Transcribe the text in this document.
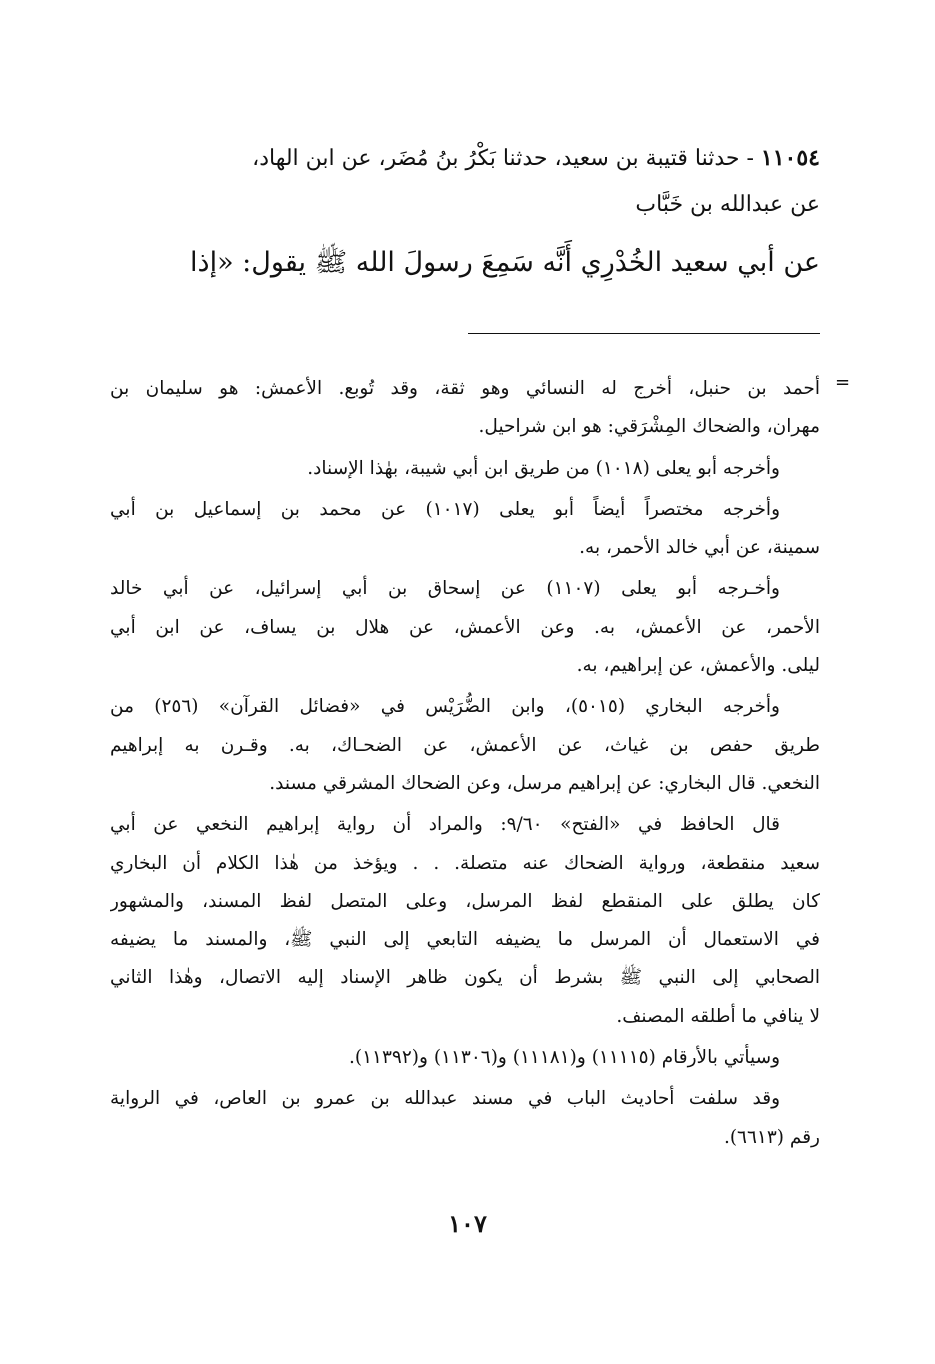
١١٠٥٤ - حدثنا قتيبة بن سعيد، حدثنا بَكْرُ بنُ مُضَر، عن ابن الهاد،
عن عبدالله بن خَبَّاب
عن أبي سعيد الخُدْرِي أَنَّه سَمِعَ رسولَ الله ﷺ يقول: «إذا
=
أحمد بن حنبل، أخرج له النسائي وهو ثقة، وقد تُوبع. الأعمش: هو سليمان بن
مهران، والضحاك المِشْرَقي: هو ابن شراحيل.
وأخرجه أبو يعلى (١٠١٨) من طريق ابن أبي شيبة، بهٰذا الإسناد.
وأخرجه مختصراً أيضاً أبو يعلى (١٠١٧) عن محمد بن إسماعيل بن أبي
سمينة، عن أبي خالد الأحمر، به.
وأخـرجه أبو يعلى (١١٠٧) عن إسحاق بن أبي إسرائيل، عن أبي خالد
الأحمر، عن الأعمش، به. وعن الأعمش، عن هلال بن يساف، عن ابن أبي
ليلى. والأعمش، عن إبراهيم، به.
وأخرجه البخاري (٥٠١٥)، وابن الضُّرَيْس في «فضائل القرآن» (٢٥٦) من
طريق حفص بن غياث، عن الأعمش، عن الضحـاك، به. وقـرن به إبراهيم
النخعي. قال البخاري: عن إبراهيم مرسل، وعن الضحاك المشرقي مسند.
قال الحافظ في «الفتح» ٩/٦٠: والمراد أن رواية إبراهيم النخعي عن أبي
سعيد منقطعة، ورواية الضحاك عنه متصلة. . . ويؤخذ من هٰذا الكلام أن البخاري
كان يطلق على المنقطع لفظ المرسل، وعلى المتصل لفظ المسند، والمشهور
في الاستعمال أن المرسل ما يضيفه التابعي إلى النبي ﷺ، والمسند ما يضيفه
الصحابي إلى النبي ﷺ بشرط أن يكون ظاهر الإسناد إليه الاتصال، وهٰذا الثاني
لا ينافي ما أطلقه المصنف.
وسيأتي بالأرقام (١١١١٥) و(١١١٨١) و(١١٣٠٦) و(١١٣٩٢).
وقد سلفت أحاديث الباب في مسند عبدالله بن عمرو بن العاص، في الرواية
رقم (٦٦١٣).
١٠٧
